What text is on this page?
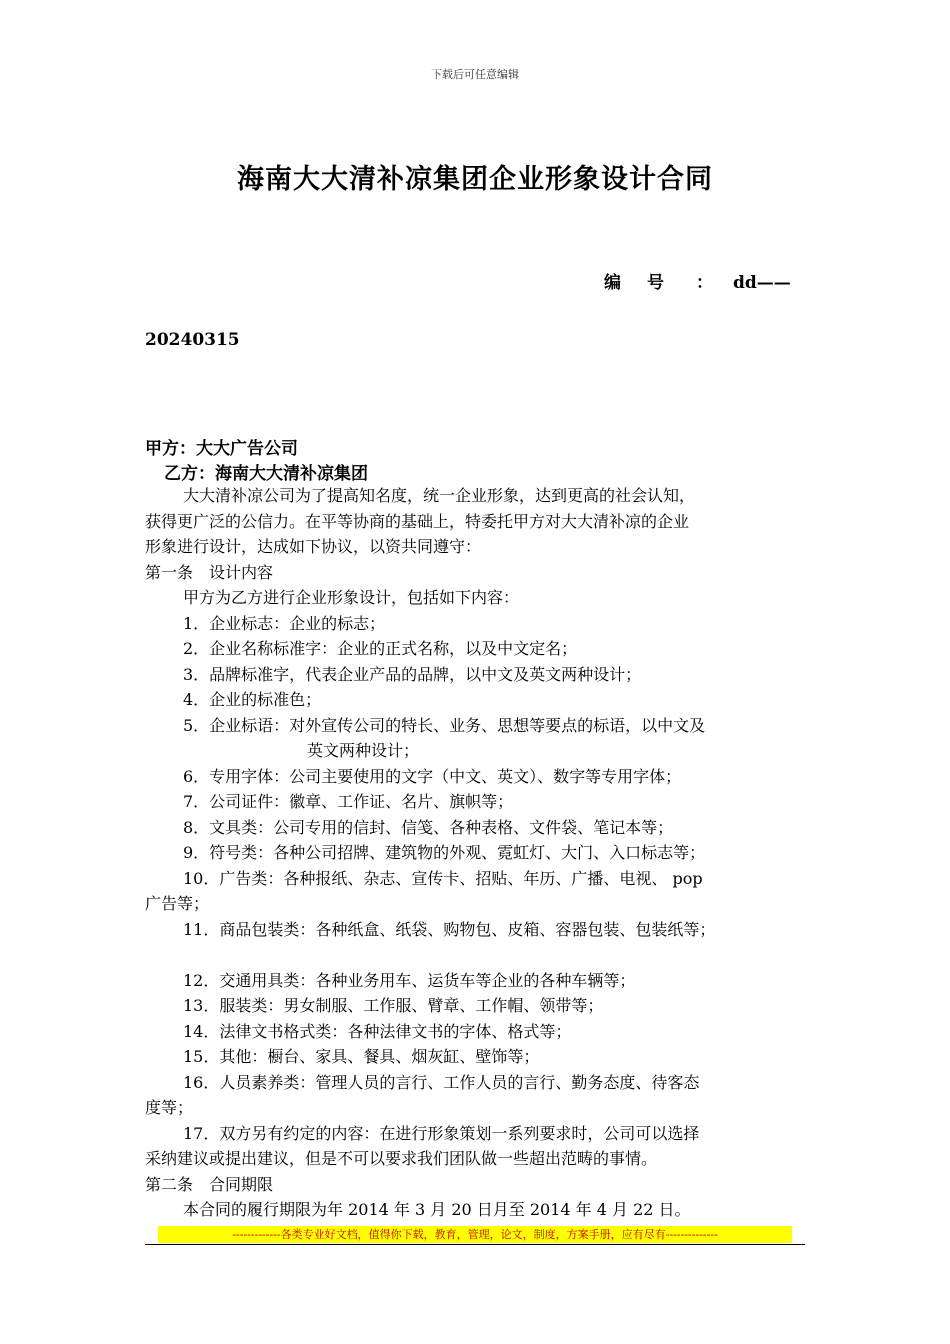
下载后可任意编辑
海南大大清补凉集团企业形象设计合同
编 号 ： dd——
20240315
甲方：大大广告公司
乙方：海南大大清补凉集团

大大清补凉公司为了提高知名度，统一企业形象，达到更高的社会认知，

获得更广泛的公信力。在平等协商的基础上，特委托甲方对大大清补凉的企业

形象进行设计，达成如下协议，以资共同遵守：

第一条　设计内容

甲方为乙方进行企业形象设计，包括如下内容：

1．企业标志：企业的标志；

2．企业名称标准字：企业的正式名称，以及中文定名；

3．品牌标准字，代表企业产品的品牌，以中文及英文两种设计；

4．企业的标准色；

5．企业标语：对外宣传公司的特长、业务、思想等要点的标语，以中文及

英文两种设计；

6．专用字体：公司主要使用的文字（中文、英文）、数字等专用字体；

7．公司证件：徽章、工作证、名片、旗帜等；

8．文具类：公司专用的信封、信笺、各种表格、文件袋、笔记本等；

9．符号类：各种公司招牌、建筑物的外观、霓虹灯、大门、入口标志等；

10．广告类：各种报纸、杂志、宣传卡、招贴、年历、广播、电视、 pop

广告等；

11．商品包装类：各种纸盒、纸袋、购物包、皮箱、容器包装、包装纸等；

12．交通用具类：各种业务用车、运货车等企业的各种车辆等；

13．服装类：男女制服、工作服、臂章、工作帽、领带等；

14．法律文书格式类：各种法律文书的字体、格式等；

15．其他：橱台、家具、餐具、烟灰缸、壁饰等；

16．人员素养类：管理人员的言行、工作人员的言行、勤务态度、待客态

度等；

17．双方另有约定的内容：在进行形象策划一系列要求时，公司可以选择

采纳建议或提出建议，但是不可以要求我们团队做一些超出范畴的事情。

第二条　合同期限

本合同的履行期限为年 2014 年 3 月 20 日月至 2014 年 4 月 22 日。

-------------各类专业好文档，值得你下载，教育，管理，论文，制度，方案手册，应有尽有--------------
